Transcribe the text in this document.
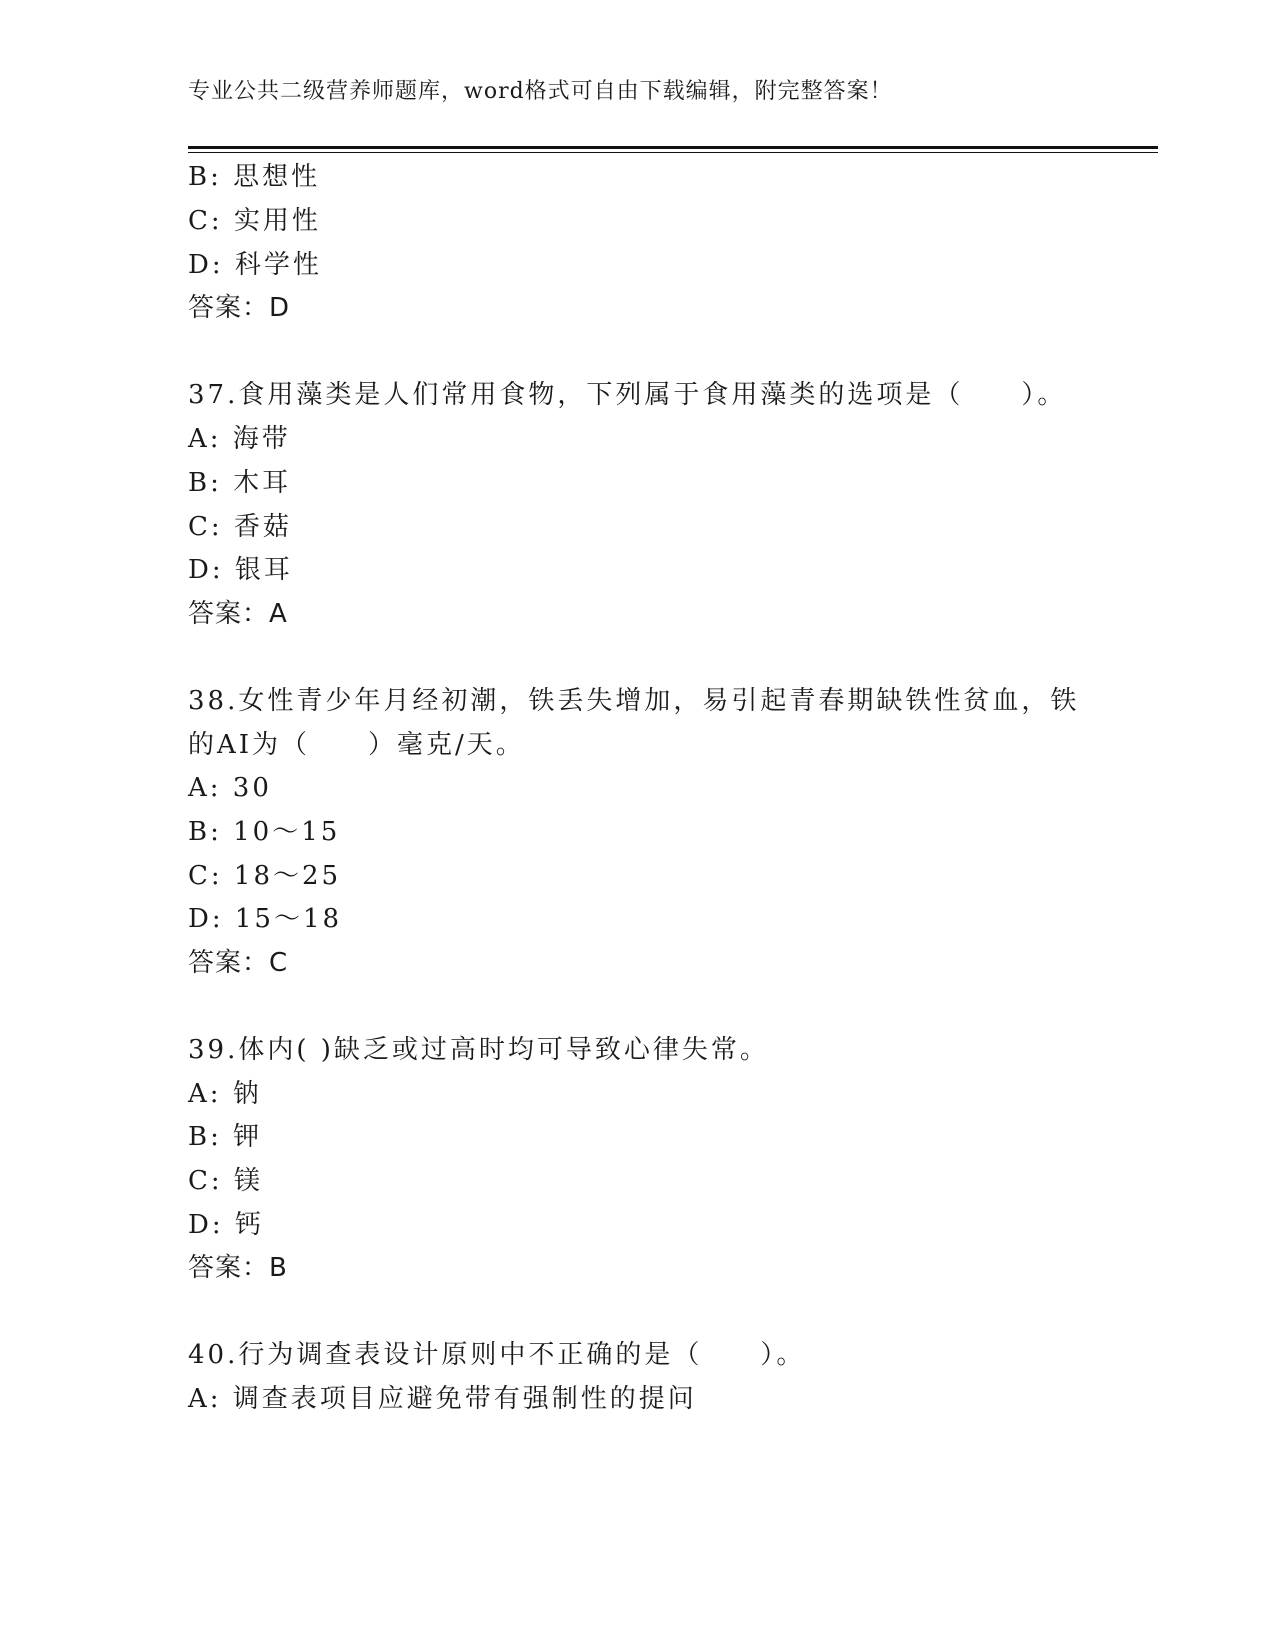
专业公共二级营养师题库，word格式可自由下载编辑，附完整答案！
B: 思想性
C: 实用性
D: 科学性
答案：D
37.食用藻类是人们常用食物，下列属于食用藻类的选项是（　　）。
A: 海带
B: 木耳
C: 香菇
D: 银耳
答案：A
38.女性青少年月经初潮，铁丢失增加，易引起青春期缺铁性贫血，铁
的AI为（　　）毫克/天。
A: 30
B: 10～15
C: 18～25
D: 15～18
答案：C
39.体内( )缺乏或过高时均可导致心律失常。
A: 钠
B: 钾
C: 镁
D: 钙
答案：B
40.行为调查表设计原则中不正确的是（　　）。
A: 调查表项目应避免带有强制性的提问
